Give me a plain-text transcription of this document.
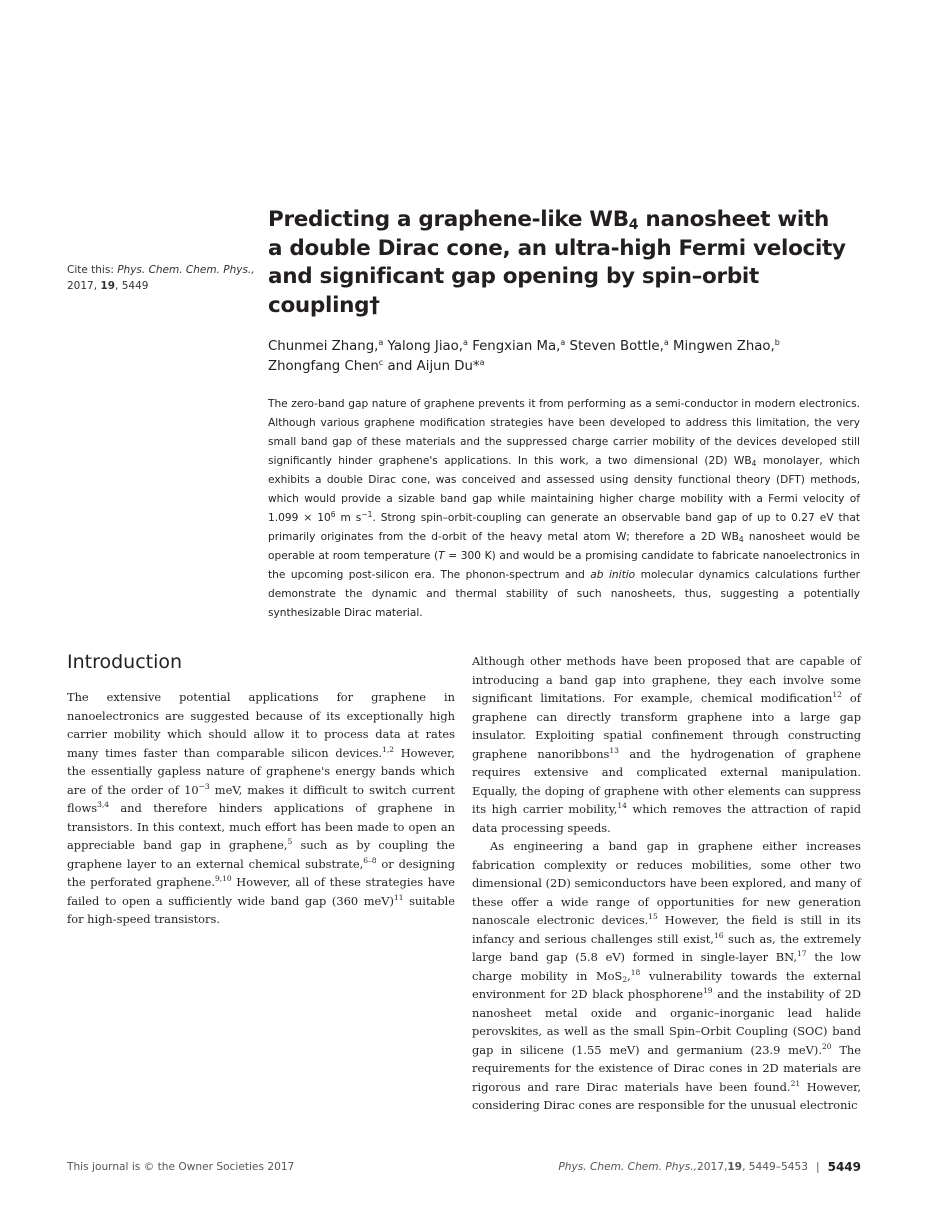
Cite this: Phys. Chem. Chem. Phys.,
2017, 19, 5449
Predicting a graphene-like $WB_4$ nanosheet with
a double Dirac cone, an ultra-high Fermi velocity
and significant gap opening by spin–orbit
coupling†
Chunmei Zhang,$^a$ Yalong Jiao,$^a$ Fengxian Ma,$^a$ Steven Bottle,$^a$ Mingwen Zhao,$^b$
Zhongfang Chen$^c$ and Aijun Du*$^a$

The zero-band gap nature of graphene prevents it from performing as a semi-conductor in modern electronics. Although various graphene modification strategies have been developed to address this limitation, the very small band gap of these materials and the suppressed charge carrier mobility of the devices developed still significantly hinder graphene's applications. In this work, a two dimensional (2D) $WB_4$ monolayer, which exhibits a double Dirac cone, was conceived and assessed using density functional theory (DFT) methods, which would provide a sizable band gap while maintaining higher charge mobility with a Fermi velocity of $1.099 \times 10^6$ m $s^{-1}$. Strong spin–orbit-coupling can generate an observable band gap of up to 0.27 eV that primarily originates from the d-orbit of the heavy metal atom W; therefore a 2D $WB_4$ nanosheet would be operable at room temperature (T = 300 K) and would be a promising candidate to fabricate nanoelectronics in the upcoming post-silicon era. The phonon-spectrum and ab initio molecular dynamics calculations further demonstrate the dynamic and thermal stability of such nanosheets, thus, suggesting a potentially synthesizable Dirac material.

Introduction

The extensive potential applications for graphene in nanoelectronics are suggested because of its exceptionally high carrier mobility which should allow it to process data at rates many times faster than comparable silicon devices.$^{1,2}$ However, the essentially gapless nature of graphene's energy bands which are of the order of $10^{-3}$ meV, makes it difficult to switch current flows$^{3,4}$ and therefore hinders applications of graphene in transistors. In this context, much effort has been made to open an appreciable band gap in graphene,$^5$ such as by coupling the graphene layer to an external chemical substrate,$^{6-8}$ or designing the perforated graphene.$^{9,10}$ However, all of these strategies have failed to open a sufficiently wide band gap (360 meV)$^{11}$ suitable for high-speed transistors.

Although other methods have been proposed that are capable of introducing a band gap into graphene, they each involve some significant limitations. For example, chemical modification$^{12}$ of graphene can directly transform graphene into a large gap insulator. Exploiting spatial confinement through constructing graphene nanoribbons$^{13}$ and the hydrogenation of graphene requires extensive and complicated external manipulation. Equally, the doping of graphene with other elements can suppress its high carrier mobility,$^{14}$ which removes the attraction of rapid data processing speeds.

As engineering a band gap in graphene either increases fabrication complexity or reduces mobilities, some other two dimensional (2D) semiconductors have been explored, and many of these offer a wide range of opportunities for new generation nanoscale electronic devices.$^{15}$ However, the field is still in its infancy and serious challenges still exist,$^{16}$ such as, the extremely large band gap (5.8 eV) formed in single-layer BN,$^{17}$ the low charge mobility in MoS$_2$,$^{18}$ vulnerability towards the external environment for 2D black phosphorene$^{19}$ and the instability of 2D nanosheet metal oxide and organic–inorganic lead halide perovskites, as well as the small Spin–Orbit Coupling (SOC) band gap in silicene (1.55 meV) and germanium (23.9 meV).$^{20}$ The requirements for the existence of Dirac cones in 2D materials are rigorous and rare Dirac materials have been found.$^{21}$ However, considering Dirac cones are responsible for the unusual electronic

This journal is © the Owner Societies 2017	Phys. Chem. Chem. Phys., 2017, 19 , 5449–5453 | 5449
